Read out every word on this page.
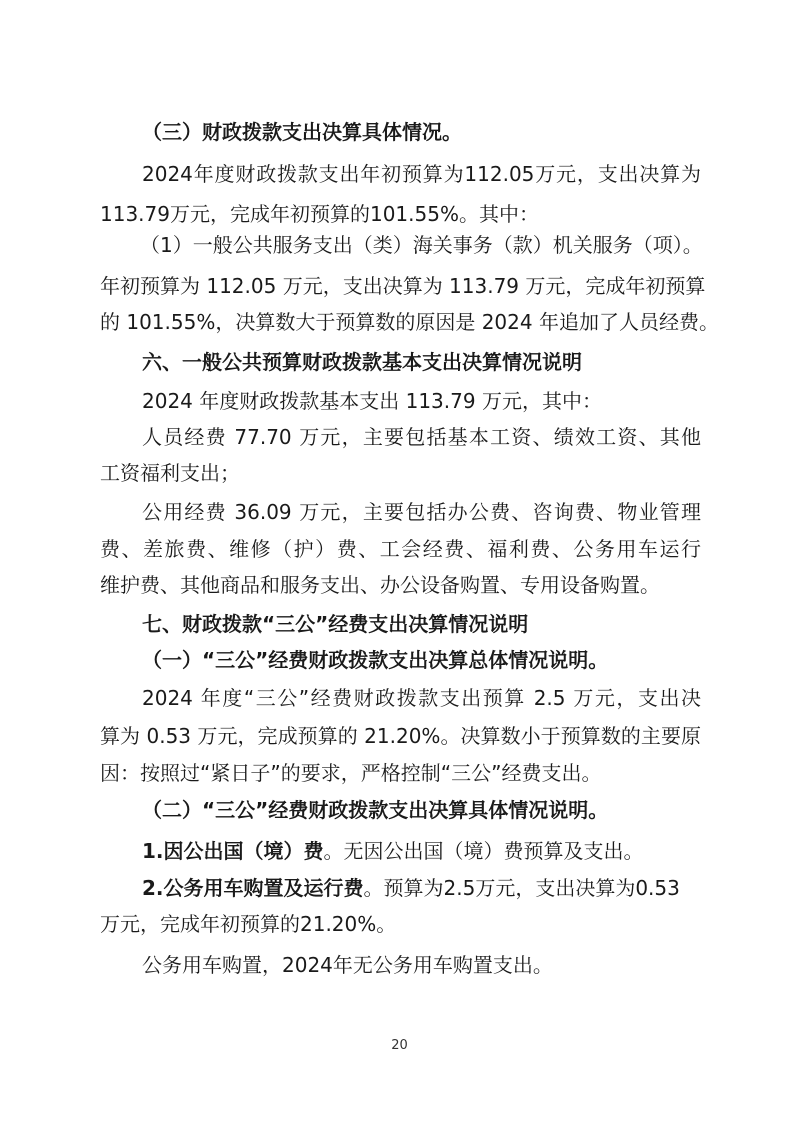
（三）财政拨款支出决算具体情况。
2024年度财政拨款支出年初预算为112.05万元，支出决算为
113.79万元，完成年初预算的101.55%。其中：
（1）一般公共服务支出（类）海关事务（款）机关服务（项）。
年初预算为 112.05 万元，支出决算为 113.79 万元，完成年初预算
的 101.55%，决算数大于预算数的原因是 2024 年追加了人员经费。
六、一般公共预算财政拨款基本支出决算情况说明
2024 年度财政拨款基本支出 113.79 万元，其中：
人员经费 77.70 万元，主要包括基本工资、绩效工资、其他
工资福利支出；
公用经费 36.09 万元，主要包括办公费、咨询费、物业管理
费、差旅费、维修（护）费、工会经费、福利费、公务用车运行
维护费、其他商品和服务支出、办公设备购置、专用设备购置。
七、财政拨款“三公”经费支出决算情况说明
（一）“三公”经费财政拨款支出决算总体情况说明。
2024 年度“三公”经费财政拨款支出预算 2.5 万元，支出决
算为 0.53 万元，完成预算的 21.20%。决算数小于预算数的主要原
因：按照过“紧日子”的要求，严格控制“三公”经费支出。
（二）“三公”经费财政拨款支出决算具体情况说明。
1.因公出国（境）费。无因公出国（境）费预算及支出。
2.公务用车购置及运行费。预算为2.5万元，支出决算为0.53
万元，完成年初预算的21.20%。
公务用车购置，2024年无公务用车购置支出。
20
